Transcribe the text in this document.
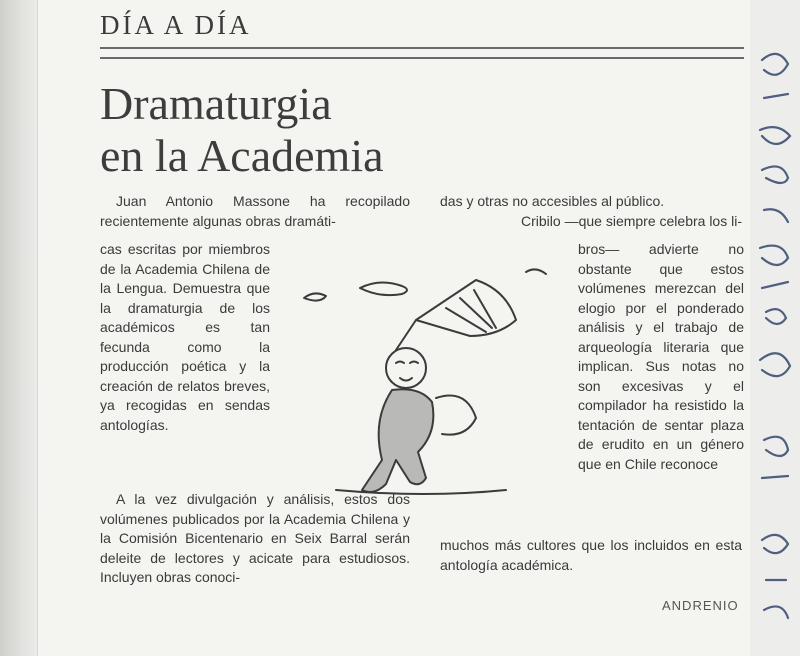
DÍA A DÍA
Dramaturgia
en la Academia

Juan Antonio Massone ha recopilado recientemente algunas obras dramáti-

cas escritas por miembros de la Academia Chilena de la Lengua. Demuestra que la dramaturgia de los académicos es tan fecunda como la producción poética y la creación de relatos breves, ya recogidas en sendas antologías.

A la vez divulgación y análisis, estos dos volúmenes publicados por la Academia Chilena y la Comisión Bicentenario en Seix Barral serán deleite de lectores y acicate para estudiosos. Incluyen obras conoci-

das y otras no accesibles al público.

Cribilo —que siempre celebra los li-

bros— advierte no obstante que estos volúmenes merezcan del elogio por el ponderado análisis y el trabajo de arqueología literaria que implican. Sus notas no son excesivas y el compilador ha resistido la tentación de sentar plaza de erudito en un género que en Chile reconoce

muchos más cultores que los incluidos en esta antología académica.

ANDRENIO
